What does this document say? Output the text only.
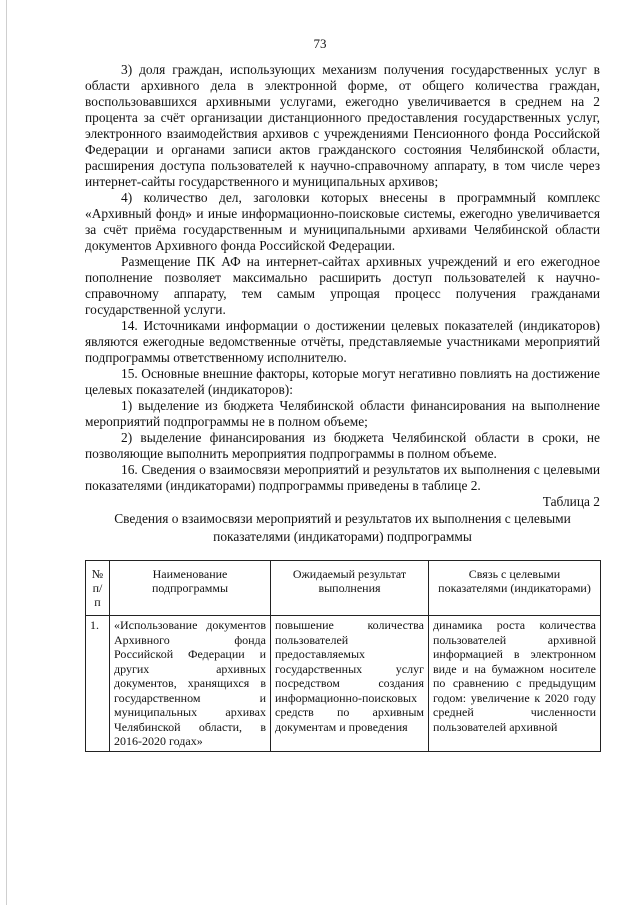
73

3) доля граждан, использующих механизм получения государственных услуг в области архивного дела в электронной форме, от общего количества граждан, воспользовавшихся архивными услугами, ежегодно увеличивается в среднем на 2 процента за счёт организации дистанционного предоставления государственных услуг, электронного взаимодействия архивов с учреждениями Пенсионного фонда Российской Федерации и органами записи актов гражданского состояния Челябинской области, расширения доступа пользователей к научно-справочному аппарату, в том числе через интернет-сайты государственного и муниципальных архивов;

4) количество дел, заголовки которых внесены в программный комплекс «Архивный фонд» и иные информационно-поисковые системы, ежегодно увеличивается за счёт приёма государственным и муниципальными архивами Челябинской области документов Архивного фонда Российской Федерации.

Размещение ПК АФ на интернет-сайтах архивных учреждений и его ежегодное пополнение позволяет максимально расширить доступ пользователей к научно-справочному аппарату, тем самым упрощая процесс получения гражданами государственной услуги.

14. Источниками информации о достижении целевых показателей (индикаторов) являются ежегодные ведомственные отчёты, представляемые участниками мероприятий подпрограммы ответственному исполнителю.

15. Основные внешние факторы, которые могут негативно повлиять на достижение целевых показателей (индикаторов):

1) выделение из бюджета Челябинской области финансирования на выполнение мероприятий подпрограммы не в полном объеме;

2) выделение финансирования из бюджета Челябинской области в сроки, не позволяющие выполнить мероприятия подпрограммы в полном объеме.

16. Сведения о взаимосвязи мероприятий и результатов их выполнения с целевыми показателями (индикаторами) подпрограммы приведены в таблице 2.

Таблица 2
Сведения о взаимосвязи мероприятий и результатов их выполнения с целевыми показателями (индикаторами) подпрограммы
№ п/п	Наименование подпрограммы	Ожидаемый результат выполнения	Связь с целевыми показателями (индикаторами)
1.	«Использование документов Архивного фонда Российской Федерации и других архивных документов, хранящихся в государственном и муниципальных архивах Челябинской области, в 2016-2020 годах»	повышение количества пользователей предоставляемых государственных услуг посредством создания информационно-поисковых средств по архивным документам и проведения	динамика роста количества пользователей архивной информацией в электронном виде и на бумажном носителе по сравнению с предыдущим годом: увеличение к 2020 году средней численности пользователей архивной
